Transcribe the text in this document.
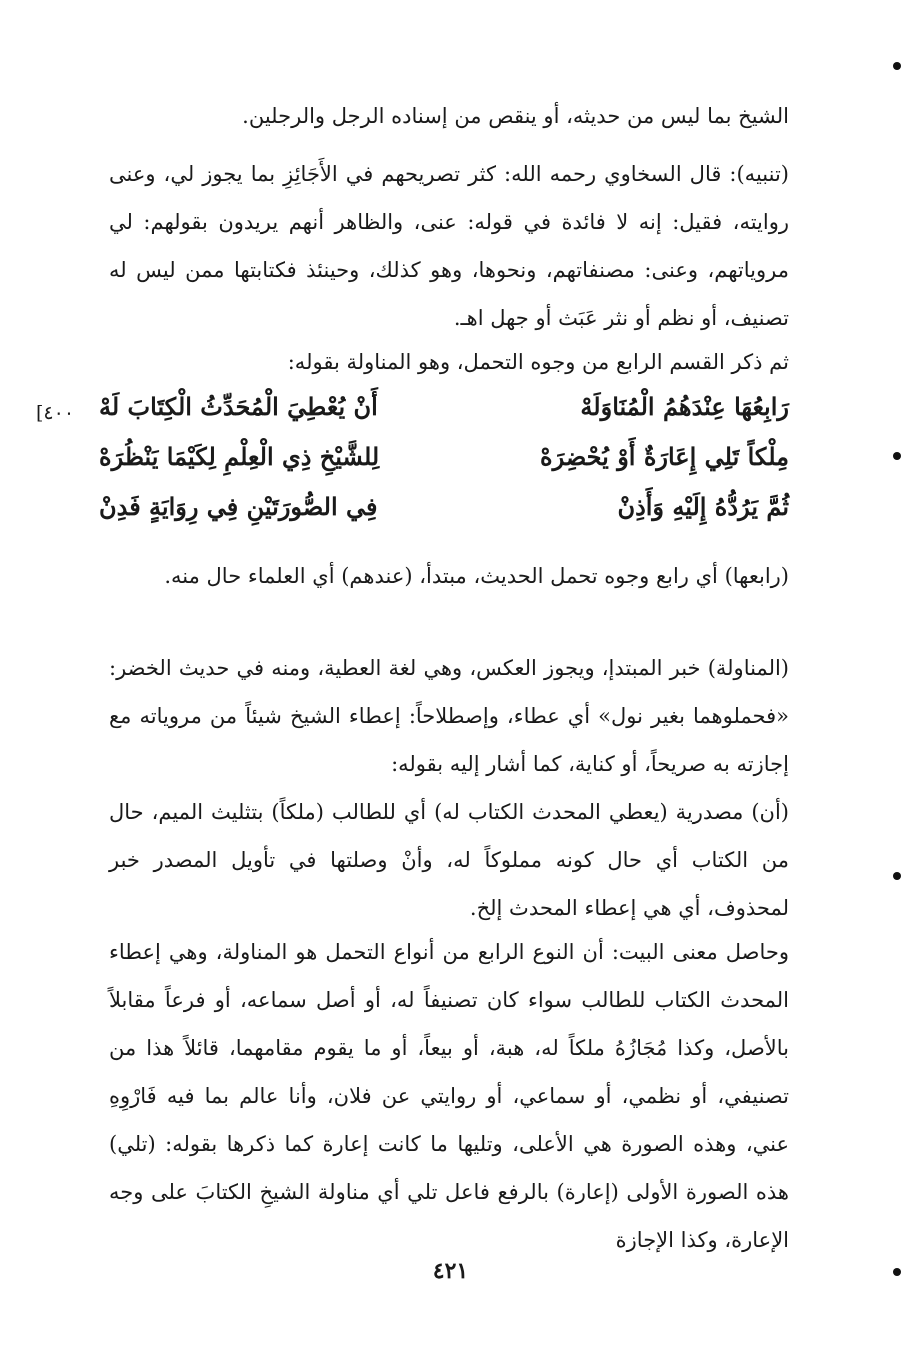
الشيخ بما ليس من حديثه، أو ينقص من إسناده الرجل والرجلين.

(تنبيه): قال السخاوي رحمه الله: كثر تصريحهم في الأَجَائِزِ بما يجوز لي، وعنى روايته، فقيل: إنه لا فائدة في قوله: عنى، والظاهر أنهم يريدون بقولهم: لي مروياتهم، وعنى: مصنفاتهم، ونحوها، وهو كذلك، وحينئذ فكتابتها ممن ليس له تصنيف، أو نظم أو نثر عَبَث أو جهل اهـ.

ثم ذكر القسم الرابع من وجوه التحمل، وهو المناولة بقوله:

[٤٠٠	رَابِعُهَا عِنْدَهُمُ الْمُنَاوَلَهْ
أَنْ يُعْطِيَ الْمُحَدِّثُ الْكِتَابَ لَهْ
مِلْكاً تَلِي إِعَارَةٌ أَوْ يُحْضِرَهْ
لِلشَّيْخِ ذِي الْعِلْمِ لِكَيْمَا يَنْظُرَهْ
ثُمَّ يَرُدُّهُ إِلَيْهِ وَأَذِنْ
فِي الصُّورَتَيْنِ فِي رِوَايَةٍ فَدِنْ

(رابعها) أي رابع وجوه تحمل الحديث، مبتدأ، (عندهم) أي العلماء حال منه.

(المناولة) خبر المبتدإ، ويجوز العكس، وهي لغة العطية، ومنه في حديث الخضر: «فحملوهما بغير نول» أي عطاء، وإصطلاحاً: إعطاء الشيخ شيئاً من مروياته مع إجازته به صريحاً، أو كناية، كما أشار إليه بقوله:

(أن) مصدرية (يعطي المحدث الكتاب له) أي للطالب (ملكاً) بتثليث الميم، حال من الكتاب أي حال كونه مملوكاً له، وأنْ وصلتها في تأويل المصدر خبر لمحذوف، أي هي إعطاء المحدث إلخ.

وحاصل معنى البيت: أن النوع الرابع من أنواع التحمل هو المناولة، وهي إعطاء المحدث الكتاب للطالب سواء كان تصنيفاً له، أو أصل سماعه، أو فرعاً مقابلاً بالأصل، وكذا مُجَازُهُ ملكاً له، هبة، أو بيعاً، أو ما يقوم مقامهما، قائلاً هذا من تصنيفي، أو نظمي، أو سماعي، أو روايتي عن فلان، وأنا عالم بما فيه فَارْوِهِ عني، وهذه الصورة هي الأعلى، وتليها ما كانت إعارة كما ذكرها بقوله: (تلي) هذه الصورة الأولى (إعارة) بالرفع فاعل تلي أي مناولة الشيخِ الكتابَ على وجه الإعارة، وكذا الإجازة

٤٢١
